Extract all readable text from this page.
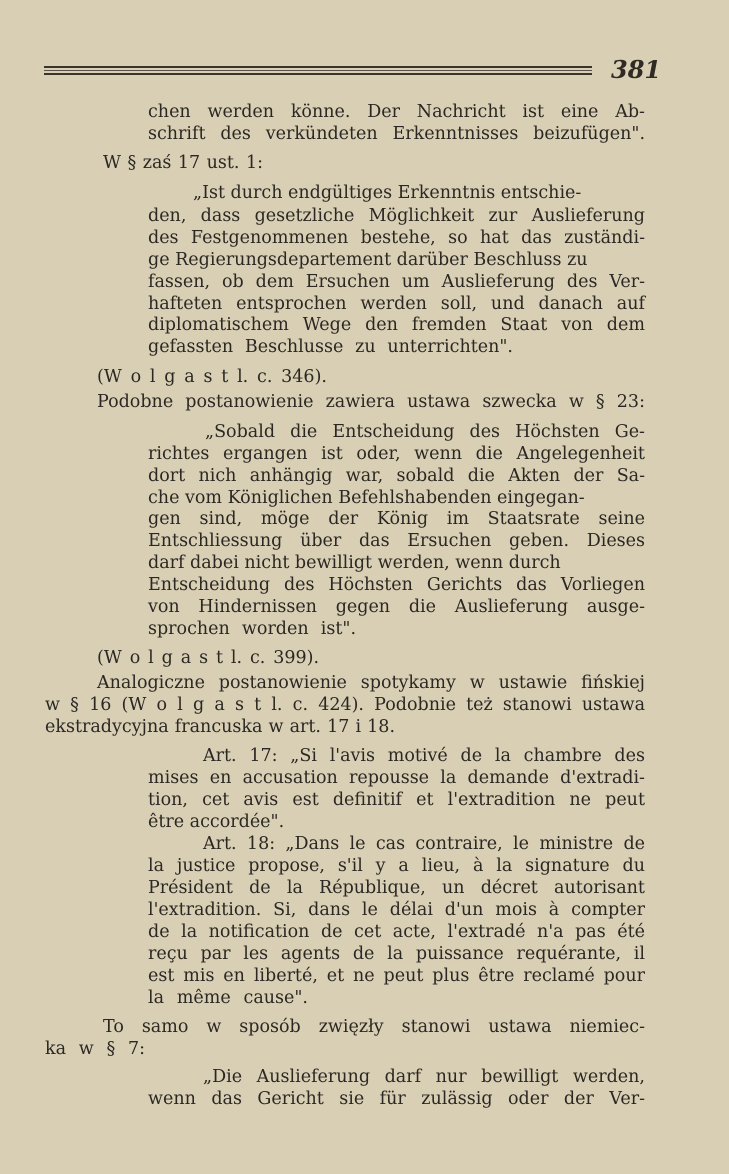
381
chen werden könne. Der Nachricht ist eine Ab-
schrift des verkündeten Erkenntnisses beizufügen".
W § zaś 17 ust. 1:
„Ist durch endgültiges Erkenntnis entschie-
den, dass gesetzliche Möglichkeit zur Auslieferung
des Festgenommenen bestehe, so hat das zuständi-
ge Regierungsdepartement darüber Beschluss zu
fassen, ob dem Ersuchen um Auslieferung des Ver-
hafteten entsprochen werden soll, und danach auf
diplomatischem Wege den fremden Staat von dem
gefassten Beschlusse zu unterrichten".
(W o l g a s t l. c. 346).
Podobne postanowienie zawiera ustawa szwecka w § 23:
„Sobald die Entscheidung des Höchsten Ge-
richtes ergangen ist oder, wenn die Angelegenheit
dort nich anhängig war, sobald die Akten der Sa-
che vom Königlichen Befehlshabenden eingegan-
gen sind, möge der König im Staatsrate seine
Entschliessung über das Ersuchen geben. Dieses
darf dabei nicht bewilligt werden, wenn durch
Entscheidung des Höchsten Gerichts das Vorliegen
von Hindernissen gegen die Auslieferung ausge-
sprochen worden ist".
(W o l g a s t l. c. 399).
Analogiczne postanowienie spotykamy w ustawie fińskiej
w § 16 (W o l g a s t l. c. 424). Podobnie też stanowi ustawa
ekstradycyjna francuska w art. 17 i 18.
Art. 17: „Si l'avis motivé de la chambre des
mises en accusation repousse la demande d'extradi-
tion, cet avis est definitif et l'extradition ne peut
être accordée".
Art. 18: „Dans le cas contraire, le ministre de
la justice propose, s'il y a lieu, à la signature du
Président de la République, un décret autorisant
l'extradition. Si, dans le délai d'un mois à compter
de la notification de cet acte, l'extradé n'a pas été
reçu par les agents de la puissance requérante, il
est mis en liberté, et ne peut plus être reclamé pour
la même cause".
To samo w sposób zwięzły stanowi ustawa niemiec-
ka w § 7:
„Die Auslieferung darf nur bewilligt werden,
wenn das Gericht sie für zulässig oder der Ver-
